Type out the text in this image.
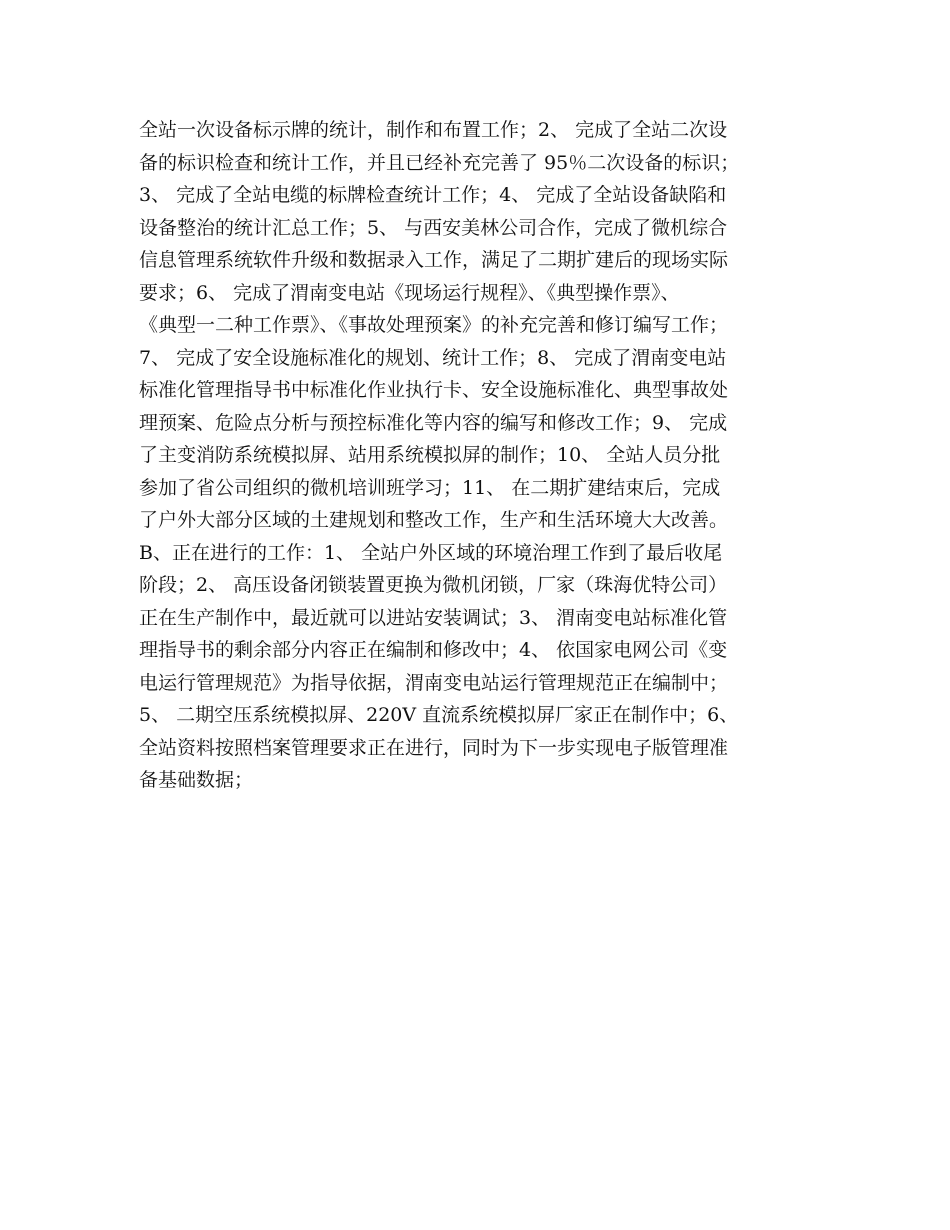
全站一次设备标示牌的统计，制作和布置工作；2、 完成了全站二次设
备的标识检查和统计工作，并且已经补充完善了 95％二次设备的标识；
3、 完成了全站电缆的标牌检查统计工作；4、 完成了全站设备缺陷和
设备整治的统计汇总工作；5、 与西安美林公司合作，完成了微机综合
信息管理系统软件升级和数据录入工作，满足了二期扩建后的现场实际
要求；6、 完成了渭南变电站《现场运行规程》、《典型操作票》、
《典型一二种工作票》、《事故处理预案》的补充完善和修订编写工作；
7、 完成了安全设施标准化的规划、统计工作；8、 完成了渭南变电站
标准化管理指导书中标准化作业执行卡、安全设施标准化、典型事故处
理预案、危险点分析与预控标准化等内容的编写和修改工作；9、 完成
了主变消防系统模拟屏、站用系统模拟屏的制作；10、 全站人员分批
参加了省公司组织的微机培训班学习；11、 在二期扩建结束后，完成
了户外大部分区域的土建规划和整改工作，生产和生活环境大大改善。
B、正在进行的工作：1、 全站户外区域的环境治理工作到了最后收尾
阶段；2、 高压设备闭锁装置更换为微机闭锁，厂家（珠海优特公司）
正在生产制作中，最近就可以进站安装调试；3、 渭南变电站标准化管
理指导书的剩余部分内容正在编制和修改中；4、 依国家电网公司《变
电运行管理规范》为指导依据，渭南变电站运行管理规范正在编制中；
5、 二期空压系统模拟屏、220V 直流系统模拟屏厂家正在制作中；6、
全站资料按照档案管理要求正在进行，同时为下一步实现电子版管理准
备基础数据；
